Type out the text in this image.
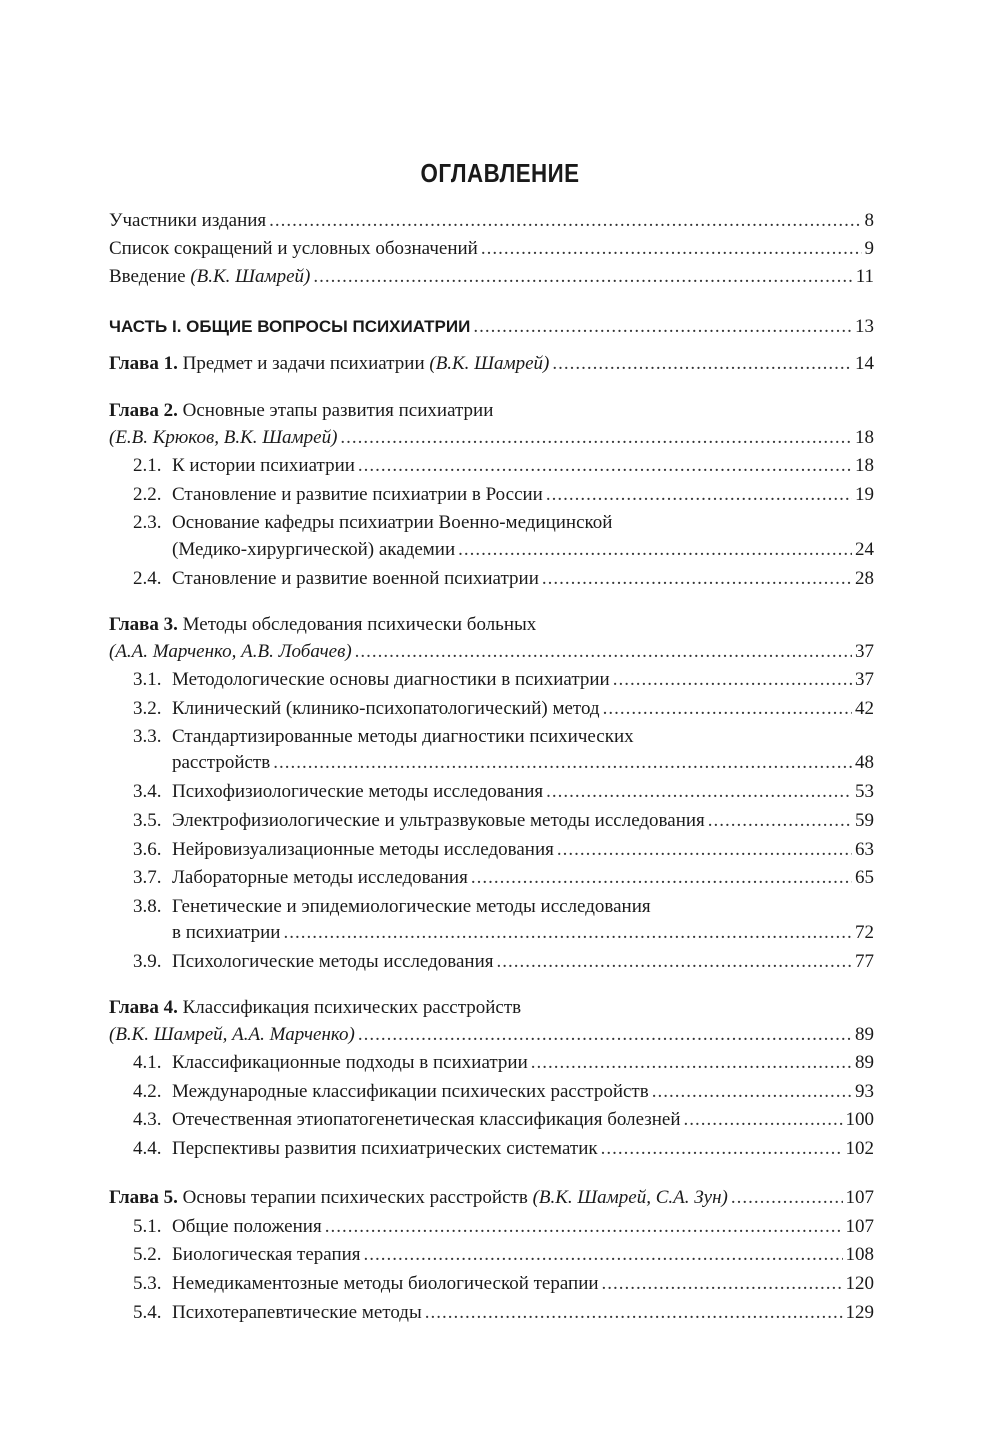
ОГЛАВЛЕНИЕ
Участники издания .....	8
Список сокращений и условных обозначений .....	9
Введение (В.К. Шамрей) .....	11
ЧАСТЬ I. ОБЩИЕ ВОПРОСЫ ПСИХИАТРИИ .....	13
Глава 1. Предмет и задачи психиатрии (В.К. Шамрей) .....	14
Глава 2. Основные этапы развития психиатрии
(Е.В. Крюков, В.К. Шамрей) .....	18
2.1. К истории психиатрии .....	18
2.2. Становление и развитие психиатрии в России .....	19
2.3. Основание кафедры психиатрии Военно-медицинской
(Медико-хирургической) академии .....	24
2.4. Становление и развитие военной психиатрии .....	28
Глава 3. Методы обследования психически больных
(А.А. Марченко, А.В. Лобачев) .....	37
3.1. Методологические основы диагностики в психиатрии .....	37
3.2. Клинический (клинико-психопатологический) метод .....	42
3.3. Стандартизированные методы диагностики психических
расстройств .....	48
3.4. Психофизиологические методы исследования .....	53
3.5. Электрофизиологические и ультразвуковые методы исследования .....	59
3.6. Нейровизуализационные методы исследования .....	63
3.7. Лабораторные методы исследования .....	65
3.8. Генетические и эпидемиологические методы исследования
в психиатрии .....	72
3.9. Психологические методы исследования .....	77
Глава 4. Классификация психических расстройств
(В.К. Шамрей, А.А. Марченко) .....	89
4.1. Классификационные подходы в психиатрии .....	89
4.2. Международные классификации психических расстройств .....	93
4.3. Отечественная этиопатогенетическая классификация болезней .....	100
4.4. Перспективы развития психиатрических систематик .....	102
Глава 5. Основы терапии психических расстройств (В.К. Шамрей, С.А. Зун) .....	107
5.1. Общие положения .....	107
5.2. Биологическая терапия .....	108
5.3. Немедикаментозные методы биологической терапии .....	120
5.4. Психотерапевтические методы .....	129
